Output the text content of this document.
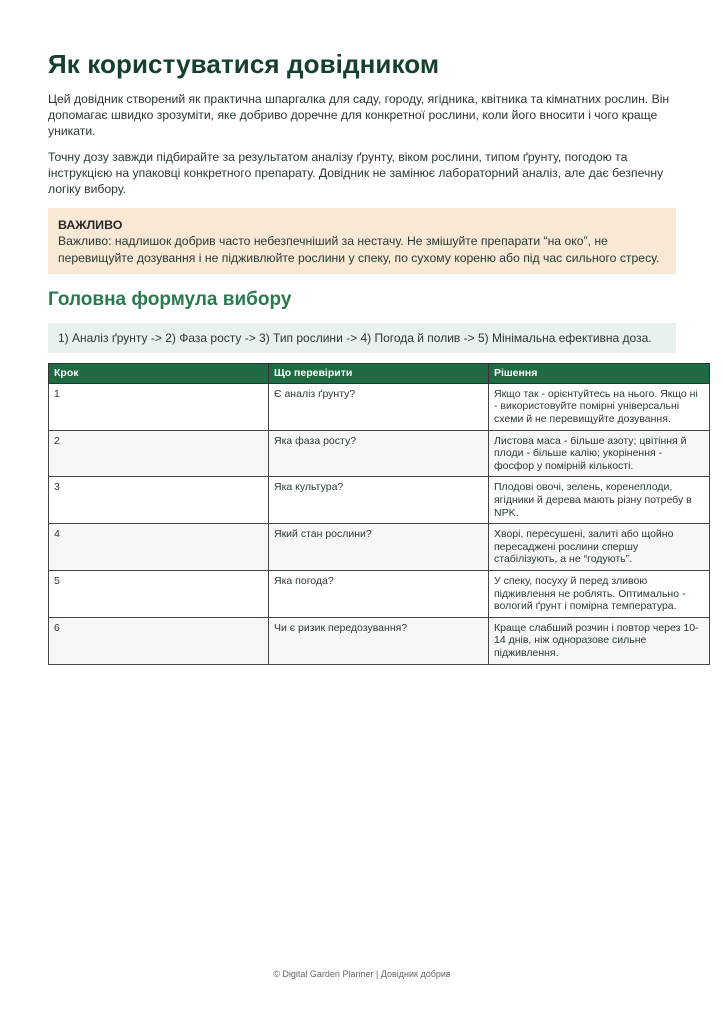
Як користуватися довідником

Цей довідник створений як практична шпаргалка для саду, городу, ягідника, квітника та кімнатних рослин. Він допомагає швидко зрозуміти, яке добриво доречне для конкретної рослини, коли його вносити і чого краще уникати.

Точну дозу завжди підбирайте за результатом аналізу ґрунту, віком рослини, типом ґрунту, погодою та інструкцією на упаковці конкретного препарату. Довідник не замінює лабораторний аналіз, але дає безпечну логіку вибору.

ВАЖЛИВО
Важливо: надлишок добрив часто небезпечніший за нестачу. Не змішуйте препарати “на око”, не перевищуйте дозування і не підживлюйте рослини у спеку, по сухому кореню або під час сильного стресу.
Головна формула вибору
1) Аналіз ґрунту -> 2) Фаза росту -> 3) Тип рослини -> 4) Погода й полив -> 5) Мінімальна ефективна доза.
Крок	Що перевірити	Рішення
1	Є аналіз ґрунту?	Якщо так - орієнтуйтесь на нього. Якщо ні - використовуйте помірні універсальні схеми й не перевищуйте дозування.
2	Яка фаза росту?	Листова маса - більше азоту; цвітіння й плоди - більше калію; укорінення - фосфор у помірній кількості.
3	Яка культура?	Плодові овочі, зелень, коренеплоди, ягідники й дерева мають різну потребу в NPK.
4	Який стан рослини?	Хворі, пересушені, залиті або щойно пересаджені рослини спершу стабілізують, а не “годують”.
5	Яка погода?	У спеку, посуху й перед зливою підживлення не роблять. Оптимально - вологий ґрунт і помірна температура.
6	Чи є ризик передозування?	Краще слабший розчин і повтор через 10-14 днів, ніж одноразове сильне підживлення.
© Digital Garden Planner | Довідник добрив
